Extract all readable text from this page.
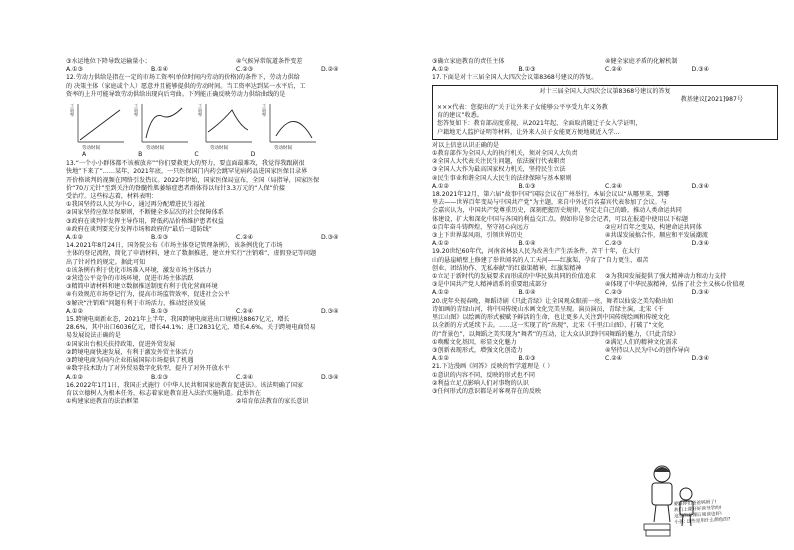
③水运地位下降导致运输量小；	④气候异常航道条件变差
A.①③	B.①④	C.②③	D.②④

12.劳动力供给是指在一定的市场工资率(单位时间内劳动的价格)的条件下，劳动力供给

的 决策主体（家庭或个人）愿意并且能够提供的劳动时间。当工资率达到某一水平后，工

资率的上升可能导致劳动供给出现向后弯曲。下列能正确反映劳动力供给曲线的是

工资率
劳动时间
工资率
劳动时间
工资率
劳动时间
工资率
劳动时间
A	B	C	D

13.“一个小小群体都不该被放弃”“你们要救更大的努力，要直面最难攻，我觉得我跟剧很

快地”下来了”……某年，2021年底，一只医保国门内药会跳罕见病药品进国家医保目录界

开价格谈判的视频在网络引发热议。2022年伊始，国家医保局宣布，全国（局指导，国家医保

价“70万元针”至到关注的脊髓性肌萎缩症患者群体得以每针3.3万元的“人保”价接

受治疗。这些标志着，材料表明：

①我国坚持以人民为中心，通过再分配增进民生福祉

②国家坚持应保尽保原则，不断健全多层次的社会保障体系

③政府在谈判中发挥主导作用，降低药品价格维护患者权益

④政府在谈判要充分发挥市场和政府的“最后一道防线”

A.①②	B.①③	C.②④	D.③④

14.2021年8月24日，国务院公布《市场主体登记管理条例》，该条例优化了市场

主体的登记流程，简化了申请材料，建立了数据推进，建立并实行“注销难”、虚假登记等问题

出了针对性的规定。据此可知

①该条例有利于优化市场准入环境，激发市场主体活力

②营造公平竞争的市场环境，促进市场主体活跃

③精简申请材料和建立数据推送制度有利于优化营商环境

④有效规范市场登记行为，提高市场监管效率，促进社会公平

⑤解决“注销难”问题有利于市场活力，推动经济发展

A.①②	B.①③	C.②④	D.③④

15.跨境电商新业态，2021年上半年，我国跨境电商进出口规模达8867亿元，增长

28.6%，其中出口6036亿元，增长44.1%；进口2831亿元，增长4.6%。关于跨境电商贸易

易发展说法正确的是

①国家出台相关扶持政策，促进外贸发展

②跨境电商快速发展，有利于激发外贸主体活力

③跨境电商为国内企业拓展国际市场提供了机遇

④数字技术助力了对外贸易数字化转型，提升了对外开放水平

A.①②	B.①③	C.②④	D.③④

16.2022年1月1日，我国正式施行《中华人民共和国家庭教育促进法》。该法明确了国家

育以立德树人为根本任务，标志着家庭教育进入法治实施轨道。此举旨在

①构建家庭教育的法治框架	②培育依法教育的家长意识
③确立家庭教育的责任主体	④健全家庭矛盾的化解机制
A.①②	B.①③	C.②④	D.③④

17.下面是对十三届全国人大四次会议第8368号建议的答复。

对十三届全国人大四次会议第8368号建议的答复

教基建议[2021]987号

×××代表：您提出的“关于让外来子女能够公平享受九年义务教

育的建议”收悉。

您答复如下：教育部高度重视，从2021年起，全面取消随迁子女入学证明，

户籍地无人监护证明等材料，让外来人员子女能更方便地就近入学...

对以上信息认识正确的是

①教育部作为全国人大的执行机关，须对全国人大负责

②全国人大代表关注民生问题，依法履行代表职责

③全国人大作为最高国家权力机关，坚持民生立法

④民生事业和谐全国人大民生的法律保障与基本原则

A.①②	B.①③	C.②④	D.③④

18.2021年12月，第六届“故事中国”国际会议在广州举行。本届会议以“从哪里来，到哪

里去——世界百年变局与中国共产党”为主题，来自中外近百名嘉宾代表参加了会议。与

会嘉宾认为，中国共产党尊重历史，深刻把握历史规律，坚定走自己的路，推动人类命运共同

体建设，扩大和深化中国与各国的利益交汇点。假如你是参会记者，可以在报道中使用以下标题

①百年奋斗铸辉煌，坚守初心向远方	②应对百年之变局，构建命运共同体
③上下世界谋风雨，引领世界历史	④共谋发展搞合作，顺应和平发展潮流
A.①②	B.①④	C.②③	D.③④

19.20世纪60年代，河南省林县人民为改善生产生活条件，苦干十年，在太行

山的悬崖峭壁上修建了举世闻名的人工天河——红旗渠，孕育了“自力更生、艰苦

创业、团结协作、无私奉献”的红旗渠精神，红旗渠精神

①立足于新时代的发展要求而形成的中华民族共同的价值追求	②为我国发展提供了强大精神动力和动力支持
③是中国共产党人精神谱系的重要组成部分	④体现了中华民族精神，弘扬了社会主义核心价值观
A.①②	B.①④	C.②③	D.③④

20.虎年央视春晚，舞蹈诗剧《只此青绿》让全国观众眼前一亮，舞者以仙姿之美勾勒出如

诗如画的青绿山河，将中国传统山水画文化完美呈现。演员演员，青绿主演，北宋《千

里江山图》以绘画的形式被赋予鲜活的生命，也让更多人关注到中国传统绘画和传统文化

以全新的方式延续下去。……这一实现了的“出现”，北宋《千里江山图》，打破了“文化

的“背景色”，以舞蹈之美实现为“舞者”的互动，让大众认识到中国舞蹈的魅力，《只此青绿》

①唤醒文化基因，彰显文化魅力	②满足人们的精神文化需求
③创新表现形式，增强文化创造力	④坚持以人民为中心的创作导向
A.①②	B.①③	C.②④	D.③④

21.下边漫画《问答》反映的哲学道理是（ ）

①意识的内容不同，反映的形式也不同

②利益立足点影响人们对事物的认识

③任何形式的意识都是对客观存在的反映

要跟你们爸爸妈妈了!
我们上课好好读书学的!
这里的是课后阅读也好!
小孩: 这些是用什么颜色的?
